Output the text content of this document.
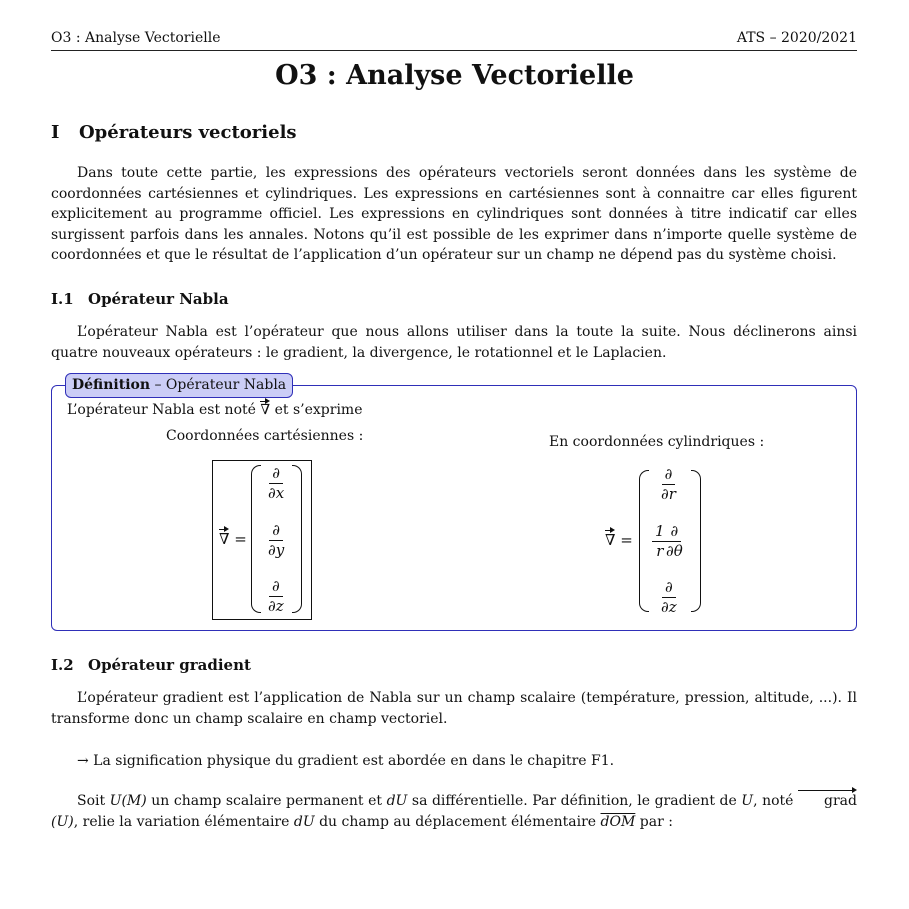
O3 : Analyse Vectorielle	ATS – 2020/2021
O3 : Analyse Vectorielle
I Opérateurs vectoriels

Dans toute cette partie, les expressions des opérateurs vectoriels seront données dans les système de coordonnées cartésiennes et cylindriques. Les expressions en cartésiennes sont à connaitre car elles figurent explicitement au programme officiel. Les expressions en cylindriques sont données à titre indicatif car elles surgissent parfois dans les annales. Notons qu’il est possible de les exprimer dans n’importe quelle système de coordonnées et que le résultat de l’application d’un opérateur sur un champ ne dépend pas du système choisi.

I.1 Opérateur Nabla

L’opérateur Nabla est l’opérateur que nous allons utiliser dans la toute la suite. Nous déclinerons ainsi quatre nouveaux opérateurs : le gradient, la divergence, le rotationnel et le Laplacien.

Définition – Opérateur Nabla
L’opérateur Nabla est noté ∇ et s’exprime
Coordonnées cartésiennes :	En coordonnées cylindriques :
∇ =
∂
∂x
∂
∂y
∂
∂z
∇ =
∂
∂r
$\frac{1}{r}$ ∂
∂θ
∂
∂z
I.2 Opérateur gradient

L’opérateur gradient est l’application de Nabla sur un champ scalaire (température, pression, altitude, ...). Il transforme donc un champ scalaire en champ vectoriel.

→ La signification physique du gradient est abordée en dans le chapitre F1.

Soit U(M) un champ scalaire permanent et dU sa différentielle. Par définition, le gradient de U, noté grad(U), relie la variation élémentaire dU du champ au déplacement élémentaire $\overline{dOM}$ par :
